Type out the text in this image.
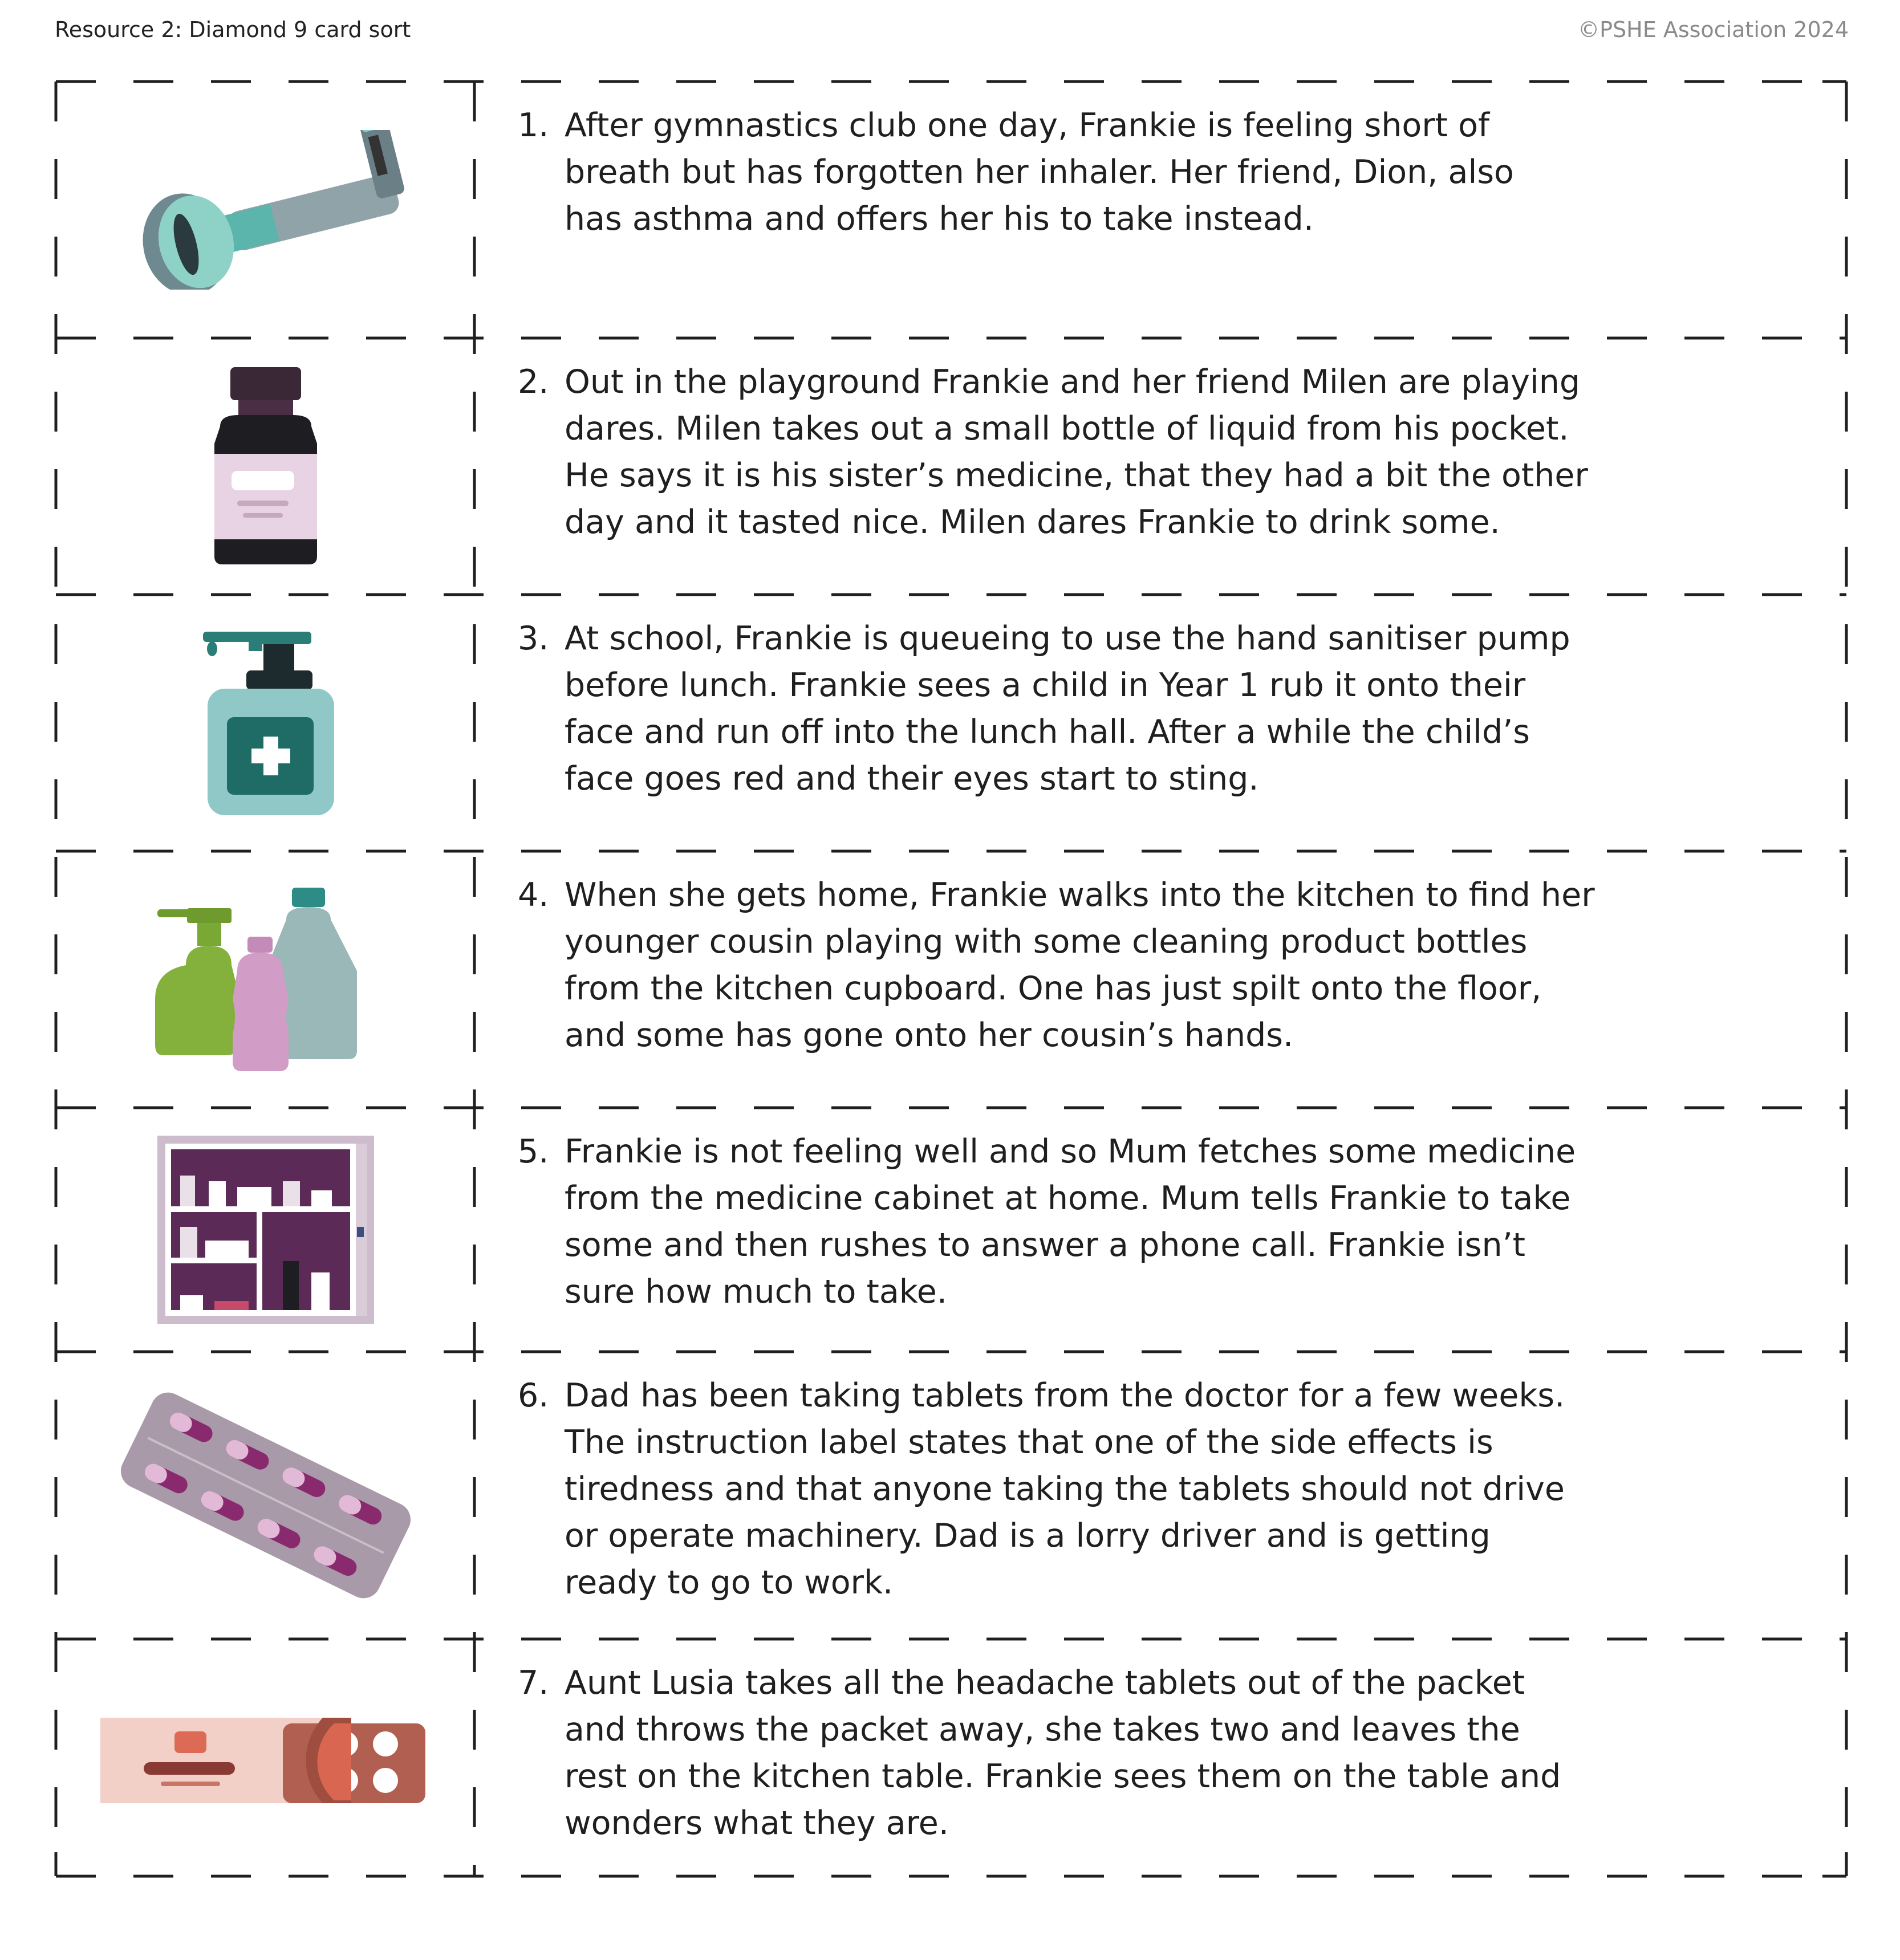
Resource 2: Diamond 9 card sort	©PSHE Association 2024
1. After gymnastics club one day, Frankie is feeling short of
breath but has forgotten her inhaler. Her friend, Dion, also
has asthma and offers her his to take instead.
2. Out in the playground Frankie and her friend Milen are playing
dares. Milen takes out a small bottle of liquid from his pocket.
He says it is his sister’s medicine, that they had a bit the other
day and it tasted nice. Milen dares Frankie to drink some.
3. At school, Frankie is queueing to use the hand sanitiser pump
before lunch. Frankie sees a child in Year 1 rub it onto their
face and run off into the lunch hall. After a while the child’s
face goes red and their eyes start to sting.
4. When she gets home, Frankie walks into the kitchen to find her
younger cousin playing with some cleaning product bottles
from the kitchen cupboard. One has just spilt onto the floor,
and some has gone onto her cousin’s hands.
5. Frankie is not feeling well and so Mum fetches some medicine
from the medicine cabinet at home. Mum tells Frankie to take
some and then rushes to answer a phone call. Frankie isn’t
sure how much to take.
6. Dad has been taking tablets from the doctor for a few weeks.
The instruction label states that one of the side effects is
tiredness and that anyone taking the tablets should not drive
or operate machinery. Dad is a lorry driver and is getting
ready to go to work.
7. Aunt Lusia takes all the headache tablets out of the packet
and throws the packet away, she takes two and leaves the
rest on the kitchen table. Frankie sees them on the table and
wonders what they are.
